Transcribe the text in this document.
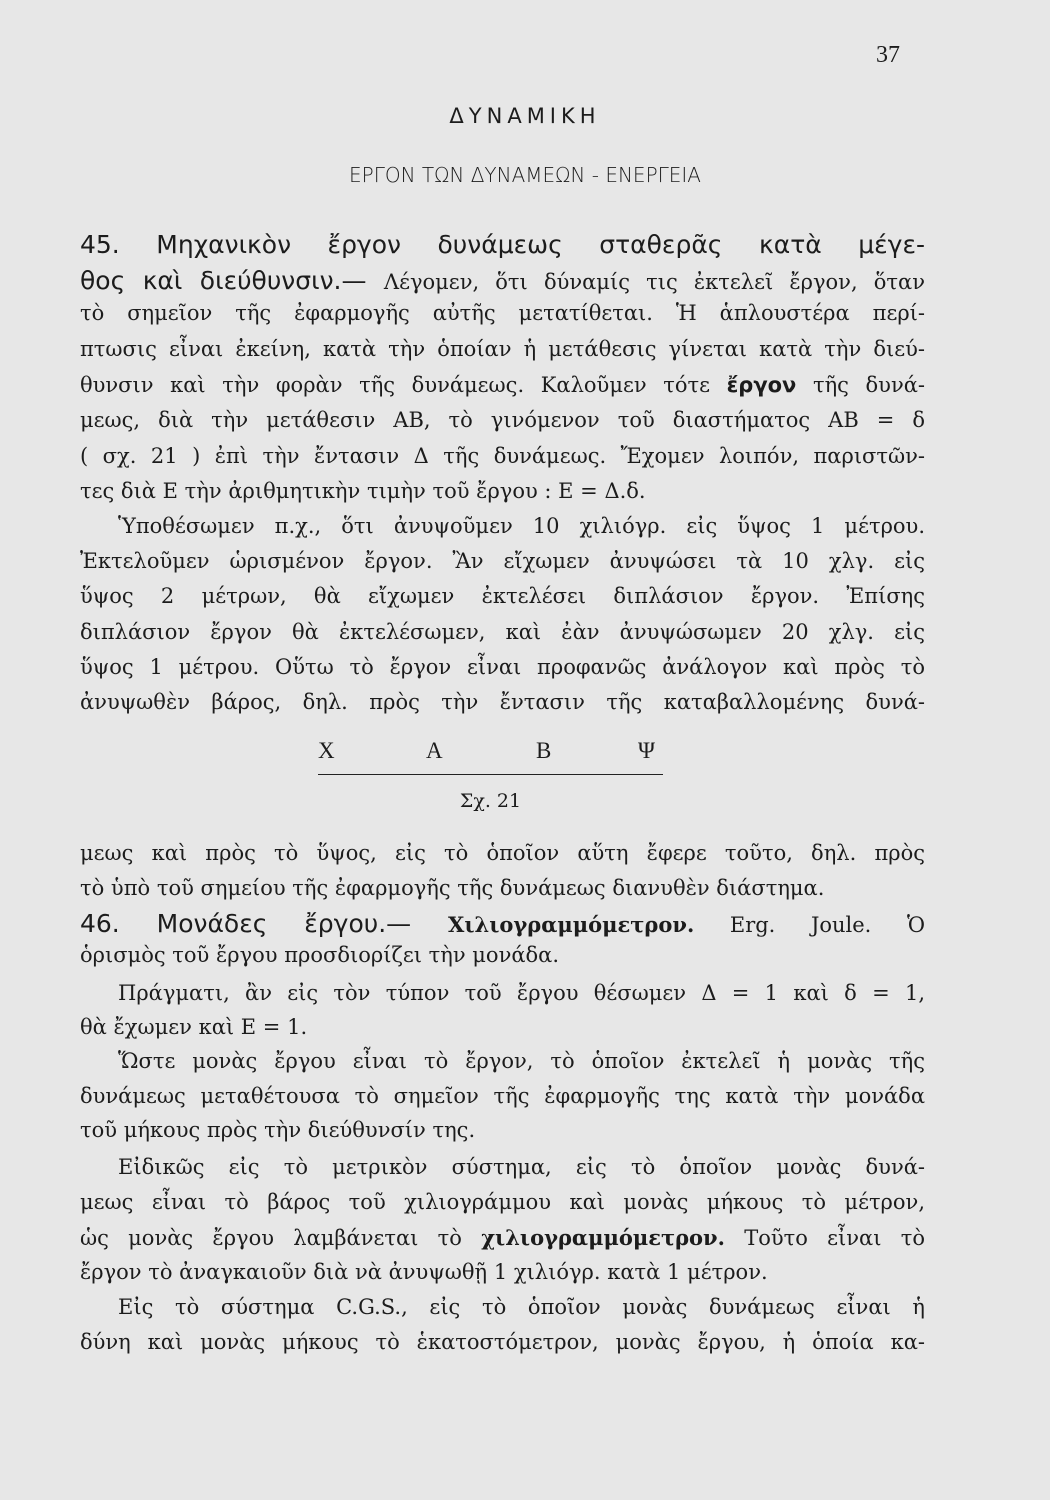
37
ΔΥΝΑΜΙΚΗ
ΕΡΓΟΝ ΤΩΝ ΔΥΝΑΜΕΩΝ - ΕΝΕΡΓΕΙΑ
45. Μηχανικὸν ἔργον δυνάμεως σταθερᾶς κατὰ μέγε-
θος καὶ διεύθυνσιν.— Λέγομεν, ὅτι δύναμίς τις ἐκτελεῖ ἔργον, ὅταν
τὸ σημεῖον τῆς ἐφαρμογῆς αὐτῆς μετατίθεται. Ἡ ἁπλουστέρα περί-
πτωσις εἶναι ἐκείνη, κατὰ τὴν ὁποίαν ἡ μετάθεσις γίνεται κατὰ τὴν διεύ-
θυνσιν καὶ τὴν φορὰν τῆς δυνάμεως. Καλοῦμεν τότε ἔργον τῆς δυνά-
μεως, διὰ τὴν μετάθεσιν ΑΒ, τὸ γινόμενον τοῦ διαστήματος ΑΒ = δ
( σχ. 21 ) ἐπὶ τὴν ἔντασιν Δ τῆς δυνάμεως. Ἔχομεν λοιπόν, παριστῶν-
τες διὰ Ε τὴν ἀριθμητικὴν τιμὴν τοῦ ἔργου : Ε = Δ.δ.
Ὑποθέσωμεν π.χ., ὅτι ἀνυψοῦμεν 10 χιλιόγρ. εἰς ὕψος 1 μέτρου.
Ἐκτελοῦμεν ὡρισμένον ἔργον. Ἂν εἴχωμεν ἀνυψώσει τὰ 10 χλγ. εἰς
ὕψος 2 μέτρων, θὰ εἴχωμεν ἐκτελέσει διπλάσιον ἔργον. Ἐπίσης
διπλάσιον ἔργον θὰ ἐκτελέσωμεν, καὶ ἐὰν ἀνυψώσωμεν 20 χλγ. εἰς
ὕψος 1 μέτρου. Οὕτω τὸ ἔργον εἶναι προφανῶς ἀνάλογον καὶ πρὸς τὸ
ἀνυψωθὲν βάρος, δηλ. πρὸς τὴν ἔντασιν τῆς καταβαλλομένης δυνά-
μεως καὶ πρὸς τὸ ὕψος, εἰς τὸ ὁποῖον αὕτη ἔφερε τοῦτο, δηλ. πρὸς
τὸ ὑπὸ τοῦ σημείου τῆς ἐφαρμογῆς τῆς δυνάμεως διανυθὲν διάστημα.
46. Μονάδες ἔργου.— Χιλιογραμμόμετρον. Erg. Joule. Ὁ
ὁρισμὸς τοῦ ἔργου προσδιορίζει τὴν μονάδα.
Πράγματι, ἂν εἰς τὸν τύπον τοῦ ἔργου θέσωμεν Δ = 1 καὶ δ = 1,
θὰ ἔχωμεν καὶ Ε = 1.
Ὥστε μονὰς ἔργου εἶναι τὸ ἔργον, τὸ ὁποῖον ἐκτελεῖ ἡ μονὰς τῆς
δυνάμεως μεταθέτουσα τὸ σημεῖον τῆς ἐφαρμογῆς της κατὰ τὴν μονάδα
τοῦ μήκους πρὸς τὴν διεύθυνσίν της.
Εἰδικῶς εἰς τὸ μετρικὸν σύστημα, εἰς τὸ ὁποῖον μονὰς δυνά-
μεως εἶναι τὸ βάρος τοῦ χιλιογράμμου καὶ μονὰς μήκους τὸ μέτρον,
ὡς μονὰς ἔργου λαμβάνεται τὸ χιλιογραμμόμετρον. Τοῦτο εἶναι τὸ
ἔργον τὸ ἀναγκαιοῦν διὰ νὰ ἀνυψωθῇ 1 χιλιόγρ. κατὰ 1 μέτρον.
Εἰς τὸ σύστημα C.G.S., εἰς τὸ ὁποῖον μονὰς δυνάμεως εἶναι ἡ
δύνη καὶ μονὰς μήκους τὸ ἑκατοστόμετρον, μονὰς ἔργου, ἡ ὁποία κα-
Χ	Α	Β	Ψ
Σχ. 21
